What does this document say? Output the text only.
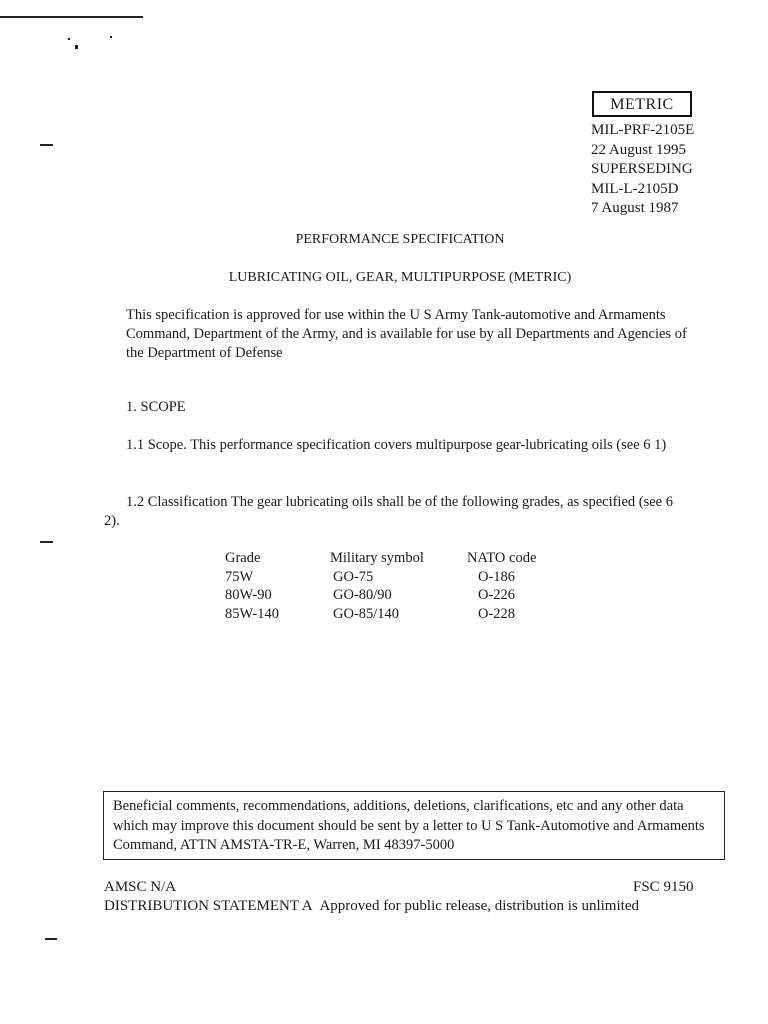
METRIC
MIL-PRF-2105E
22 August 1995
SUPERSEDING
MIL-L-2105D
7 August 1987
PERFORMANCE SPECIFICATION
LUBRICATING OIL, GEAR, MULTIPURPOSE (METRIC)
This specification is approved for use within the U S Army Tank-automotive and Armaments Command, Department of the Army, and is available for use by all Departments and Agencies of the Department of Defense
1. SCOPE
1.1 Scope. This performance specification covers multipurpose gear-lubricating oils (see 6 1)
1.2 Classification The gear lubricating oils shall be of the following grades, as specified (see 6 2).
Grade	Military symbol	NATO code
75W	GO-75	O-186
80W-90	GO-80/90	O-226
85W-140	GO-85/140	O-228
Beneficial comments, recommendations, additions, deletions, clarifications, etc and any other data which may improve this document should be sent by a letter to U S Tank-Automotive and Armaments Command, ATTN AMSTA-TR-E, Warren, MI 48397-5000
AMSC N/A	FSC 9150
DISTRIBUTION STATEMENT A Approved for public release, distribution is unlimited
